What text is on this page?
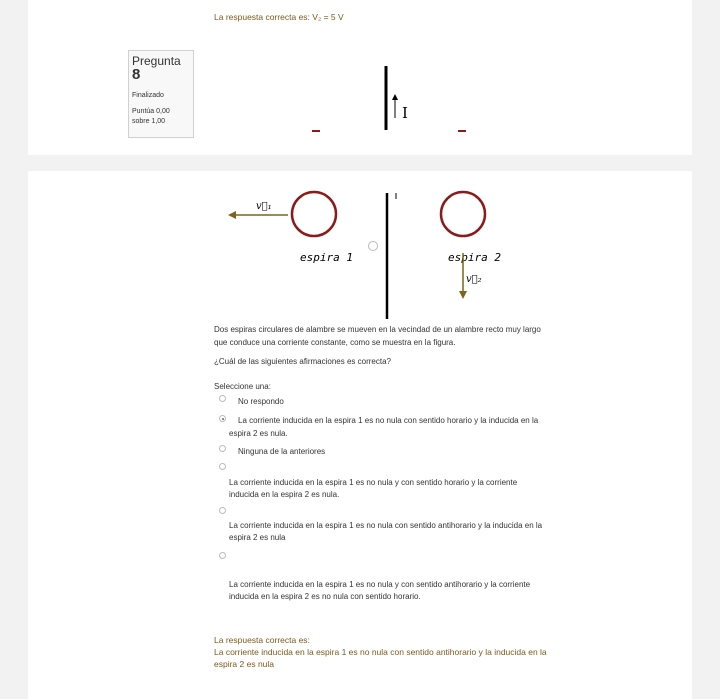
La respuesta correcta es: V₂ = 5 V
Pregunta
8
Finalizado
Puntúa 0,00
sobre 1,00	I
v⃗₁
espira 1	espira 2
v⃗₂
Dos espiras circulares de alambre se mueven en la vecindad de un alambre recto muy largo
que conduce una corriente constante, como se muestra en la figura.
¿Cuál de las siguientes afirmaciones es correcta?
Seleccione una:
No respondo
La corriente inducida en la espira 1 es no nula con sentido horario y la inducida en la
espira 2 es nula.
Ninguna de la anteriores
La corriente inducida en la espira 1 es no nula y con sentido horario y la corriente
inducida en la espira 2 es nula.
La corriente inducida en la espira 1 es no nula con sentido antihorario y la inducida en la
espira 2 es nula
La corriente inducida en la espira 1 es no nula y con sentido antihorario y la corriente
inducida en la espira 2 es no nula con sentido horario.
La respuesta correcta es:
La corriente inducida en la espira 1 es no nula con sentido antihorario y la inducida en la
espira 2 es nula
